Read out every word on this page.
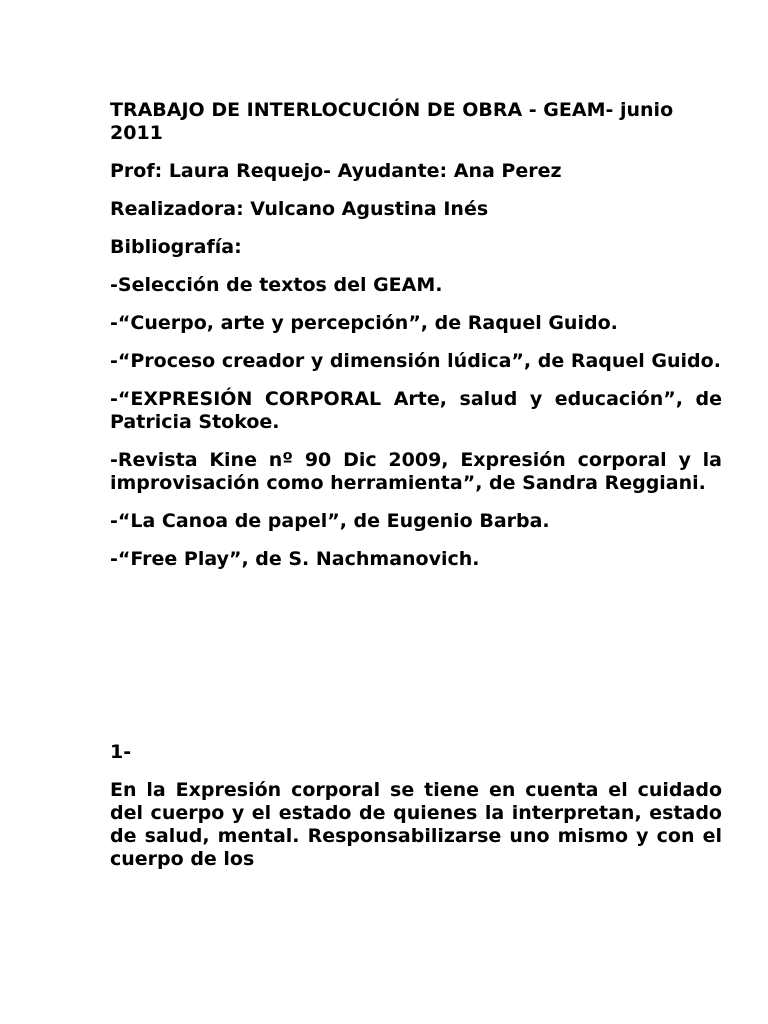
TRABAJO DE INTERLOCUCIÓN DE OBRA - GEAM- junio 2011
Prof: Laura Requejo- Ayudante: Ana Perez
Realizadora: Vulcano Agustina Inés
Bibliografía:
-Selección de textos del GEAM.
-“Cuerpo, arte y percepción”, de Raquel Guido.
-“Proceso creador y dimensión lúdica”, de Raquel Guido.
-“EXPRESIÓN CORPORAL Arte, salud y educación”, de Patricia Stokoe.
-Revista Kine nº 90 Dic 2009, Expresión corporal y la improvisación como herramienta”, de Sandra Reggiani.
-“La Canoa de papel”, de Eugenio Barba.
-“Free Play”, de S. Nachmanovich.
1-
En la Expresión corporal se tiene en cuenta el cuidado del cuerpo y el estado de quienes la interpretan, estado de salud, mental. Responsabilizarse uno mismo y con el cuerpo de los
